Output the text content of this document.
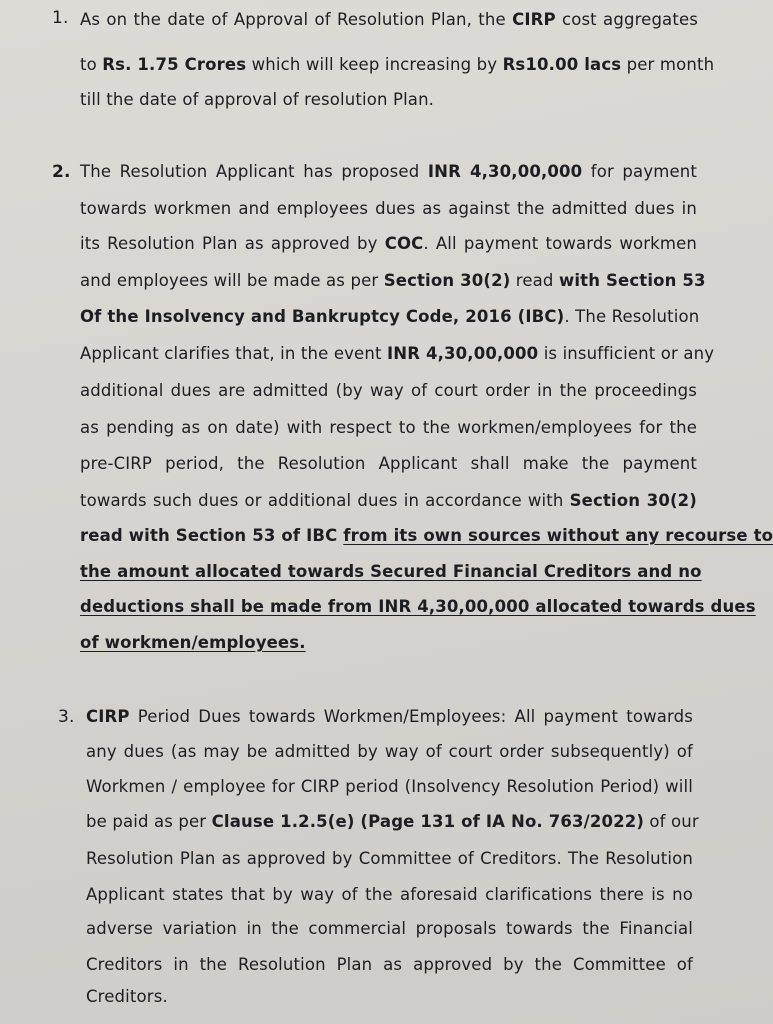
1. As on the date of Approval of Resolution Plan, the CIRP cost aggregates
to Rs. 1.75 Crores which will keep increasing by Rs10.00 lacs per month
till the date of approval of resolution Plan.
2. The Resolution Applicant has proposed INR 4,30,00,000 for payment
towards workmen and employees dues as against the admitted dues in
its Resolution Plan as approved by COC. All payment towards workmen
and employees will be made as per Section 30(2) read with Section 53
Of the Insolvency and Bankruptcy Code, 2016 (IBC). The Resolution
Applicant clarifies that, in the event INR 4,30,00,000 is insufficient or any
additional dues are admitted (by way of court order in the proceedings
as pending as on date) with respect to the workmen/employees for the
pre-CIRP period, the Resolution Applicant shall make the payment
towards such dues or additional dues in accordance with Section 30(2)
read with Section 53 of IBC from its own sources without any recourse to
the amount allocated towards Secured Financial Creditors and no
deductions shall be made from INR 4,30,00,000 allocated towards dues
of workmen/employees.
3. CIRP Period Dues towards Workmen/Employees: All payment towards
any dues (as may be admitted by way of court order subsequently) of
Workmen / employee for CIRP period (Insolvency Resolution Period) will
be paid as per Clause 1.2.5(e) (Page 131 of IA No. 763/2022) of our
Resolution Plan as approved by Committee of Creditors. The Resolution
Applicant states that by way of the aforesaid clarifications there is no
adverse variation in the commercial proposals towards the Financial
Creditors in the Resolution Plan as approved by the Committee of
Creditors.
